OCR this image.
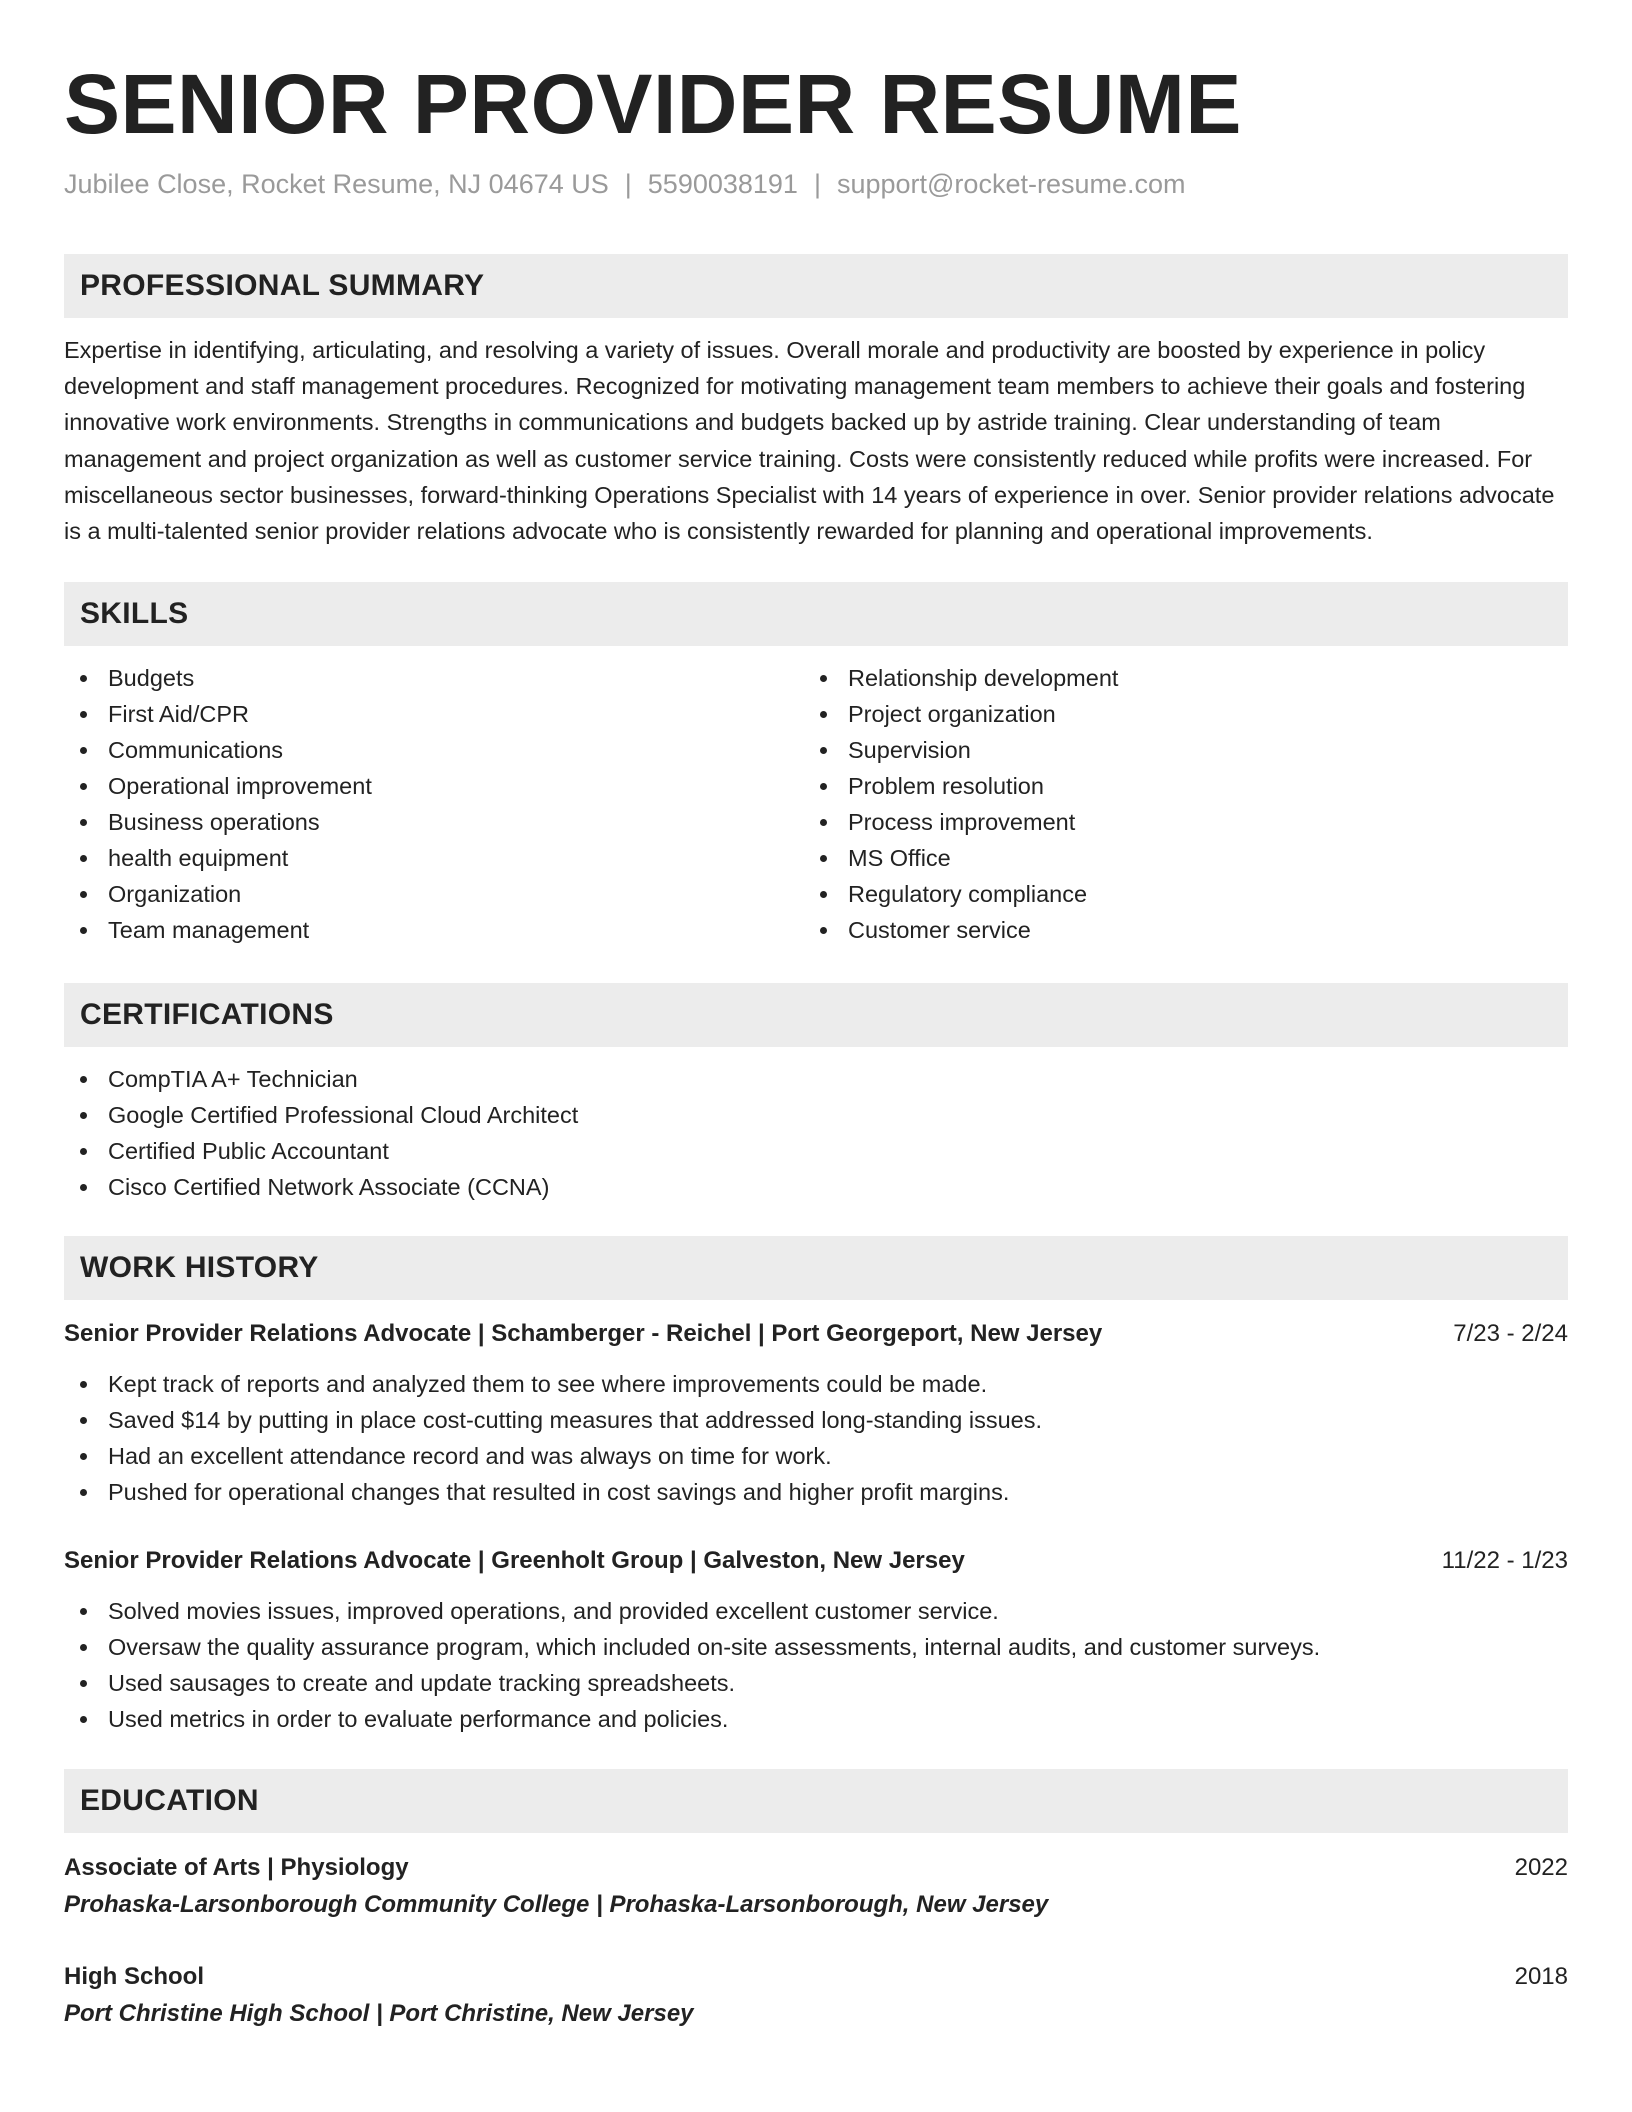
SENIOR PROVIDER RESUME
Jubilee Close, Rocket Resume, NJ 04674 US | 5590038191 | support@rocket-resume.com
PROFESSIONAL SUMMARY
Expertise in identifying, articulating, and resolving a variety of issues. Overall morale and productivity are boosted by experience in policy development and staff management procedures. Recognized for motivating management team members to achieve their goals and fostering innovative work environments. Strengths in communications and budgets backed up by astride training. Clear understanding of team management and project organization as well as customer service training. Costs were consistently reduced while profits were increased. For miscellaneous sector businesses, forward-thinking Operations Specialist with 14 years of experience in over. Senior provider relations advocate is a multi-talented senior provider relations advocate who is consistently rewarded for planning and operational improvements.
SKILLS
Budgets
First Aid/CPR
Communications
Operational improvement
Business operations
health equipment
Organization
Team management
Relationship development
Project organization
Supervision
Problem resolution
Process improvement
MS Office
Regulatory compliance
Customer service
CERTIFICATIONS
CompTIA A+ Technician
Google Certified Professional Cloud Architect
Certified Public Accountant
Cisco Certified Network Associate (CCNA)
WORK HISTORY
Senior Provider Relations Advocate | Schamberger - Reichel | Port Georgeport, New Jersey	7/23 - 2/24
Kept track of reports and analyzed them to see where improvements could be made.
Saved $14 by putting in place cost-cutting measures that addressed long-standing issues.
Had an excellent attendance record and was always on time for work.
Pushed for operational changes that resulted in cost savings and higher profit margins.
Senior Provider Relations Advocate | Greenholt Group | Galveston, New Jersey	11/22 - 1/23
Solved movies issues, improved operations, and provided excellent customer service.
Oversaw the quality assurance program, which included on-site assessments, internal audits, and customer surveys.
Used sausages to create and update tracking spreadsheets.
Used metrics in order to evaluate performance and policies.
EDUCATION
Associate of Arts | Physiology	2022
Prohaska-Larsonborough Community College | Prohaska-Larsonborough, New Jersey
High School	2018
Port Christine High School | Port Christine, New Jersey
